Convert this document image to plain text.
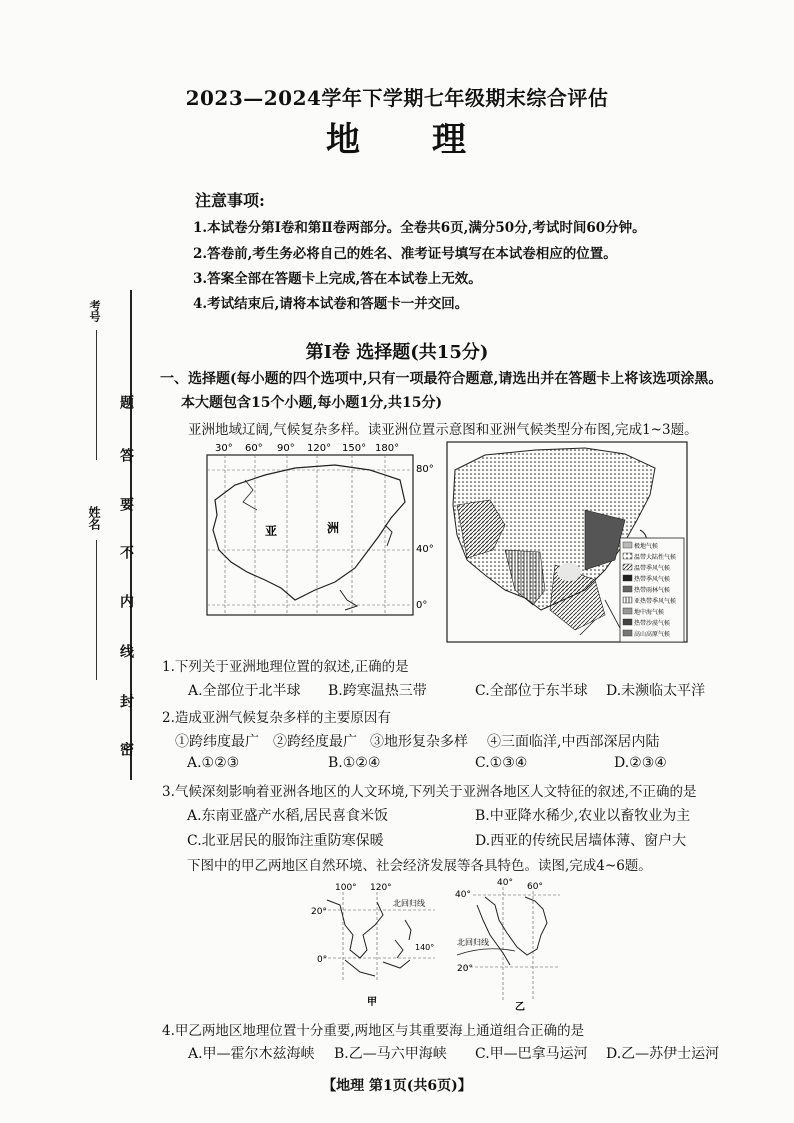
2023—2024学年下学期七年级期末综合评估
地 理
注意事项:
1.本试卷分第Ⅰ卷和第Ⅱ卷两部分。全卷共6页,满分50分,考试时间60分钟。
2.答卷前,考生务必将自己的姓名、准考证号填写在本试卷相应的位置。
3.答案全部在答题卡上完成,答在本试卷上无效。
4.考试结束后,请将本试卷和答题卡一并交回。
考号
姓名
题
答
要
不
内
线
封
密
第Ⅰ卷 选择题(共15分)
一、选择题(每小题的四个选项中,只有一项最符合题意,请选出并在答题卡上将该选项涂黑。
本大题包含15个小题,每小题1分,共15分)
亚洲地域辽阔,气候复杂多样。读亚洲位置示意图和亚洲气候类型分布图,完成1~3题。
30° 60° 90° 120° 150° 180°
亚	洲
80°
40°
0°
极地气候
温带大陆性气候
温带季风气候
热带季风气候
热带雨林气候
亚热带季风气候
地中海气候
热带沙漠气候
高山高原气候
1.下列关于亚洲地理位置的叙述,正确的是
A.全部位于北半球 B.跨寒温热三带	C.全部位于东半球 D.未濒临太平洋
2.造成亚洲气候复杂多样的主要原因有
①跨纬度最广 ②跨经度最广 ③地形复杂多样 ④三面临洋,中西部深居内陆
A.①②③	B.①②④	C.①③④	D.②③④
3.气候深刻影响着亚洲各地区的人文环境,下列关于亚洲各地区人文特征的叙述,不正确的是
A.东南亚盛产水稻,居民喜食米饭	B.中亚降水稀少,农业以畜牧业为主
C.北亚居民的服饰注重防寒保暖	D.西亚的传统民居墙体薄、窗户大
下图中的甲乙两地区自然环境、社会经济发展等各具特色。读图,完成4~6题。
100° 120°
20°
0°
北回归线
140°
甲
40° 60°
40°
北回归线
20°
乙
4.甲乙两地区地理位置十分重要,两地区与其重要海上通道组合正确的是
A.甲—霍尔木兹海峡 B.乙—马六甲海峡 C.甲—巴拿马运河 D.乙—苏伊士运河
【地理 第1页(共6页)】
